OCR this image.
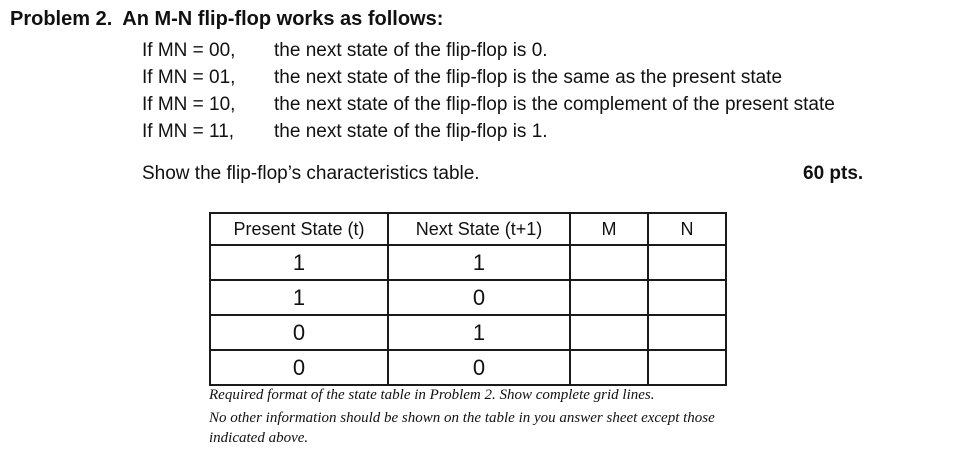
Problem 2. An M-N flip-flop works as follows:
If MN = 00, the next state of the flip-flop is 0.
If MN = 01, the next state of the flip-flop is the same as the present state
If MN = 10, the next state of the flip-flop is the complement of the present state
If MN = 11, the next state of the flip-flop is 1.
Show the flip-flop’s characteristics table.	60 pts.
Present State (t)	Next State (t+1)	M	N
1	1		
1	0		
0	1		
0	0		
Required format of the state table in Problem 2. Show complete grid lines.
No other information should be shown on the table in you answer sheet except those
indicated above.
